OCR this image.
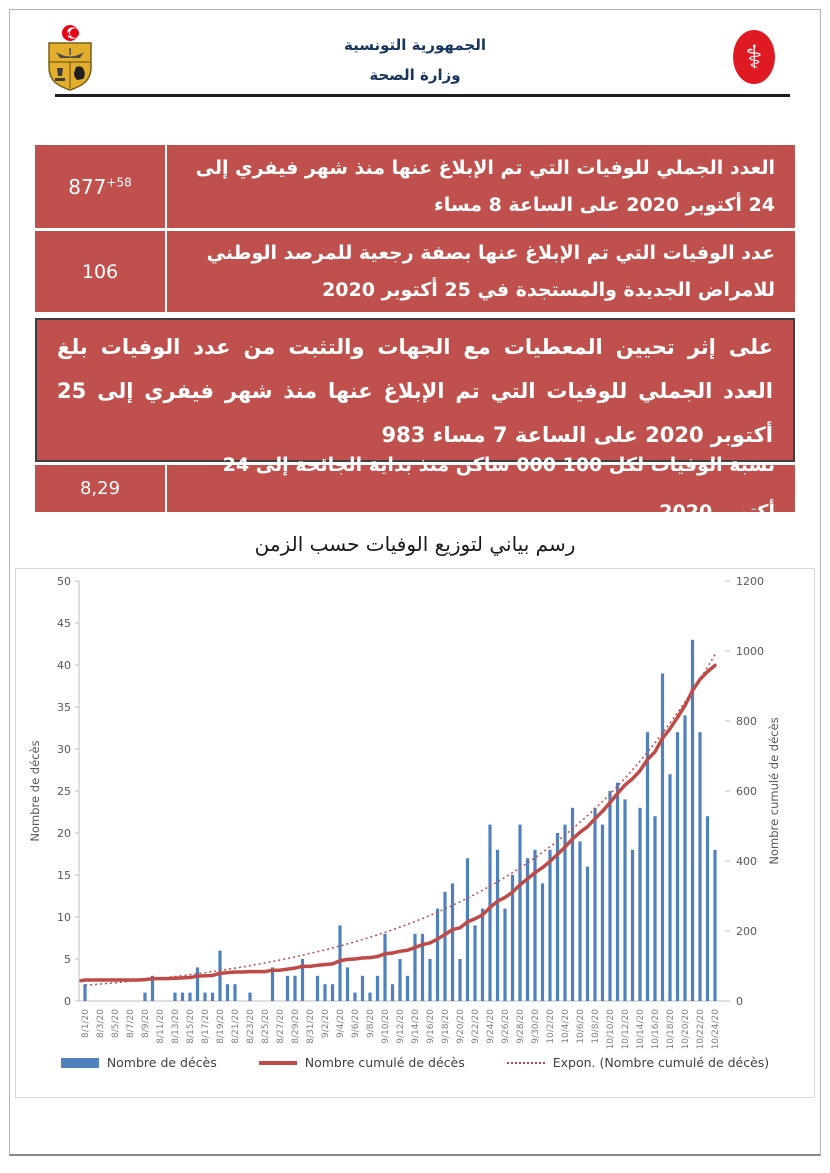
الجمهورية التونسية
وزارة الصحة	⚕
$877^{+58}$
العدد الجملي للوفيات التي تم الإبلاغ عنها منذ شهر فيفري إلى 24 أكتوبر 2020 على الساعة 8 مساء
106
عدد الوفيات التي تم الإبلاغ عنها بصفة رجعية للمرصد الوطني للامراض الجديدة والمستجدة في 25 أكتوبر 2020
على إثر تحيين المعطيات مع الجهات والتثبت من عدد الوفيات بلغ العدد الجملي للوفيات التي تم الإبلاغ عنها منذ شهر فيفري إلى 25 أكتوبر 2020 على الساعة 7 مساء 983
8,29
نسبة الوفيات لكل 100 000 ساكن منذ بداية الجائحة إلى 24 أكتوبر 2020
رسم بياني لتوزيع الوفيات حسب الزمن
0
5
10
15
20
25
30
35
40
45
50
0
200
400
600
800
1000
1200
8/1/20 8/3/20 8/5/20 8/7/20 8/9/20 8/11/20 8/13/20 8/15/20 8/17/20 8/19/20 8/21/20 8/23/20 8/25/20 8/27/20 8/29/20 8/31/20 9/2/20 9/4/20 9/6/20 9/8/20 9/10/20 9/12/20 9/14/20 9/16/20 9/18/20 9/20/20 9/22/20 9/24/20 9/26/20 9/28/20 9/30/20 10/2/20 10/4/20 10/6/20 10/8/20 10/10/20 10/12/20 10/14/20 10/16/20 10/18/20 10/20/20 10/22/20 10/24/20
Nombre de décès	Nombre cumulé de décès
Nombre de décès	Nombre cumulé de décès	Expon. (Nombre cumulé de décès)
